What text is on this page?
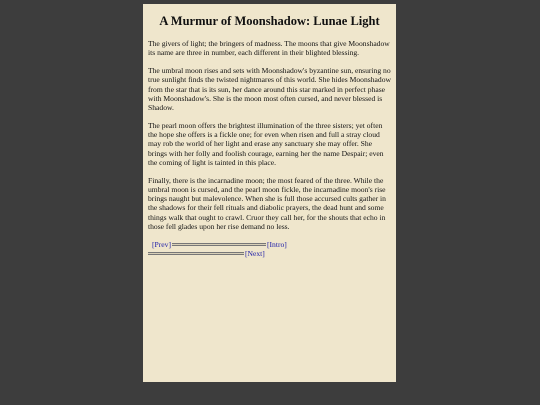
A Murmur of Moonshadow: Lunae Light

The givers of light; the bringers of madness. The moons that give Moonshadow its name are three in number, each different in their blighted blessing.

The umbral moon rises and sets with Moonshadow's byzantine sun, ensuring no true sunlight finds the twisted nightmares of this world. She hides Moonshadow from the star that is its sun, her dance around this star marked in perfect phase with Moonshadow's. She is the moon most often cursed, and never blessed is Shadow.

The pearl moon offers the brightest illumination of the three sisters; yet often the hope she offers is a fickle one; for even when risen and full a stray cloud may rob the world of her light and erase any sanctuary she may offer. She brings with her folly and foolish courage, earning her the name Despair; even the coming of light is tainted in this place.

Finally, there is the incarnadine moon; the most feared of the three. While the umbral moon is cursed, and the pearl moon fickle, the incarnadine moon's rise brings naught but malevolence. When she is full those accursed cults gather in the shadows for their fell rituals and diabolic prayers, the dead hunt and some things walk that ought to crawl. Cruor they call her, for the shouts that echo in those fell glades upon her rise demand no less.

[Prev]	[Intro]
[Next]
